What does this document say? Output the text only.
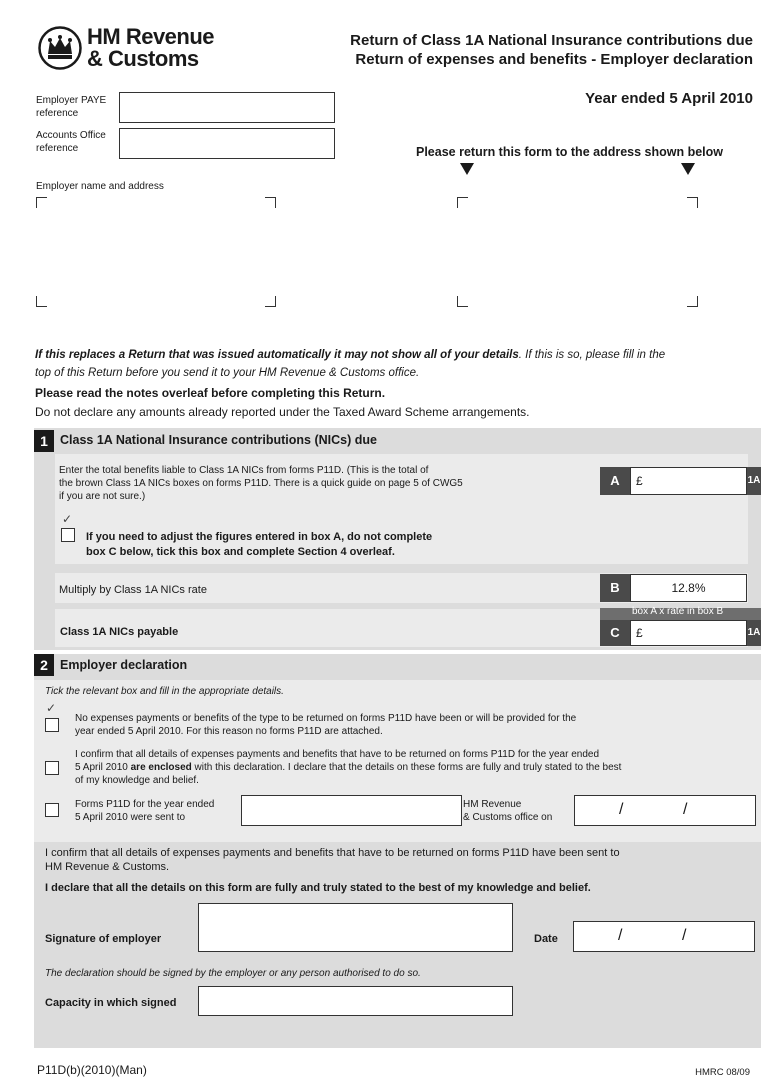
HM Revenue
& Customs
Return of Class 1A National Insurance contributions due
Return of expenses and benefits - Employer declaration
Year ended 5 April 2010
Employer PAYE
reference
Accounts Office
reference	Please return this form to the address shown below
Employer name and address
If this replaces a Return that was issued automatically it may not show all of your details. If this is so, please fill in the
top of this Return before you send it to your HM Revenue & Customs office.
Please read the notes overleaf before completing this Return.
Do not declare any amounts already reported under the Taxed Award Scheme arrangements.
1 Class 1A National Insurance contributions (NICs) due
Enter the total benefits liable to Class 1A NICs from forms P11D. (This is the total of
the brown Class 1A NICs boxes on forms P11D. There is a quick guide on page 5 of CWG5
if you are not sure.)
A	£	1A
✓
If you need to adjust the figures entered in box A, do not complete
box C below, tick this box and complete Section 4 overleaf.
Multiply by Class 1A NICs rate	B	12.8%
box A x rate in box B
Class 1A NICs payable	C	£	1A
2 Employer declaration
Tick the relevant box and fill in the appropriate details.
✓
No expenses payments or benefits of the type to be returned on forms P11D have been or will be provided for the
year ended 5 April 2010. For this reason no forms P11D are attached.
I confirm that all details of expenses payments and benefits that have to be returned on forms P11D for the year ended
5 April 2010 are enclosed with this declaration. I declare that the details on these forms are fully and truly stated to the best
of my knowledge and belief.
Forms P11D for the year ended
5 April 2010 were sent to
HM Revenue
& Customs office on	/	/
I confirm that all details of expenses payments and benefits that have to be returned on forms P11D have been sent to
HM Revenue & Customs.
I declare that all the details on this form are fully and truly stated to the best of my knowledge and belief.
Signature of employer	Date	/	/
The declaration should be signed by the employer or any person authorised to do so.
Capacity in which signed
P11D(b)(2010)(Man)	HMRC 08/09
